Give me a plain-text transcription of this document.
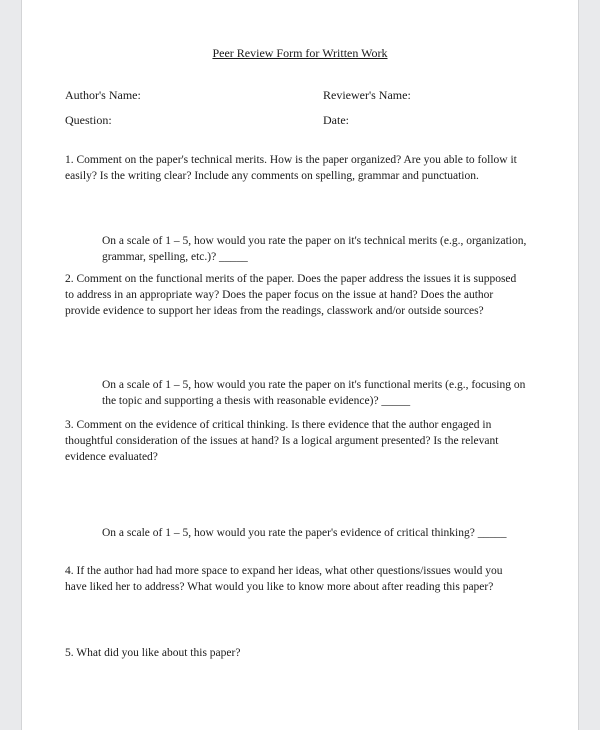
Peer Review Form for Written Work
Author's Name:	Reviewer's Name:
Question:	Date:
1. Comment on the paper's technical merits. How is the paper organized? Are you able to follow it easily? Is the writing clear? Include any comments on spelling, grammar and punctuation.
On a scale of 1 – 5, how would you rate the paper on it's technical merits (e.g., organization, grammar, spelling, etc.)? _____
2. Comment on the functional merits of the paper. Does the paper address the issues it is supposed to address in an appropriate way? Does the paper focus on the issue at hand? Does the author provide evidence to support her ideas from the readings, classwork and/or outside sources?
On a scale of 1 – 5, how would you rate the paper on it's functional merits (e.g., focusing on the topic and supporting a thesis with reasonable evidence)? _____
3. Comment on the evidence of critical thinking. Is there evidence that the author engaged in thoughtful consideration of the issues at hand? Is a logical argument presented? Is the relevant evidence evaluated?
On a scale of 1 – 5, how would you rate the paper's evidence of critical thinking? _____
4. If the author had had more space to expand her ideas, what other questions/issues would you have liked her to address? What would you like to know more about after reading this paper?
5. What did you like about this paper?
